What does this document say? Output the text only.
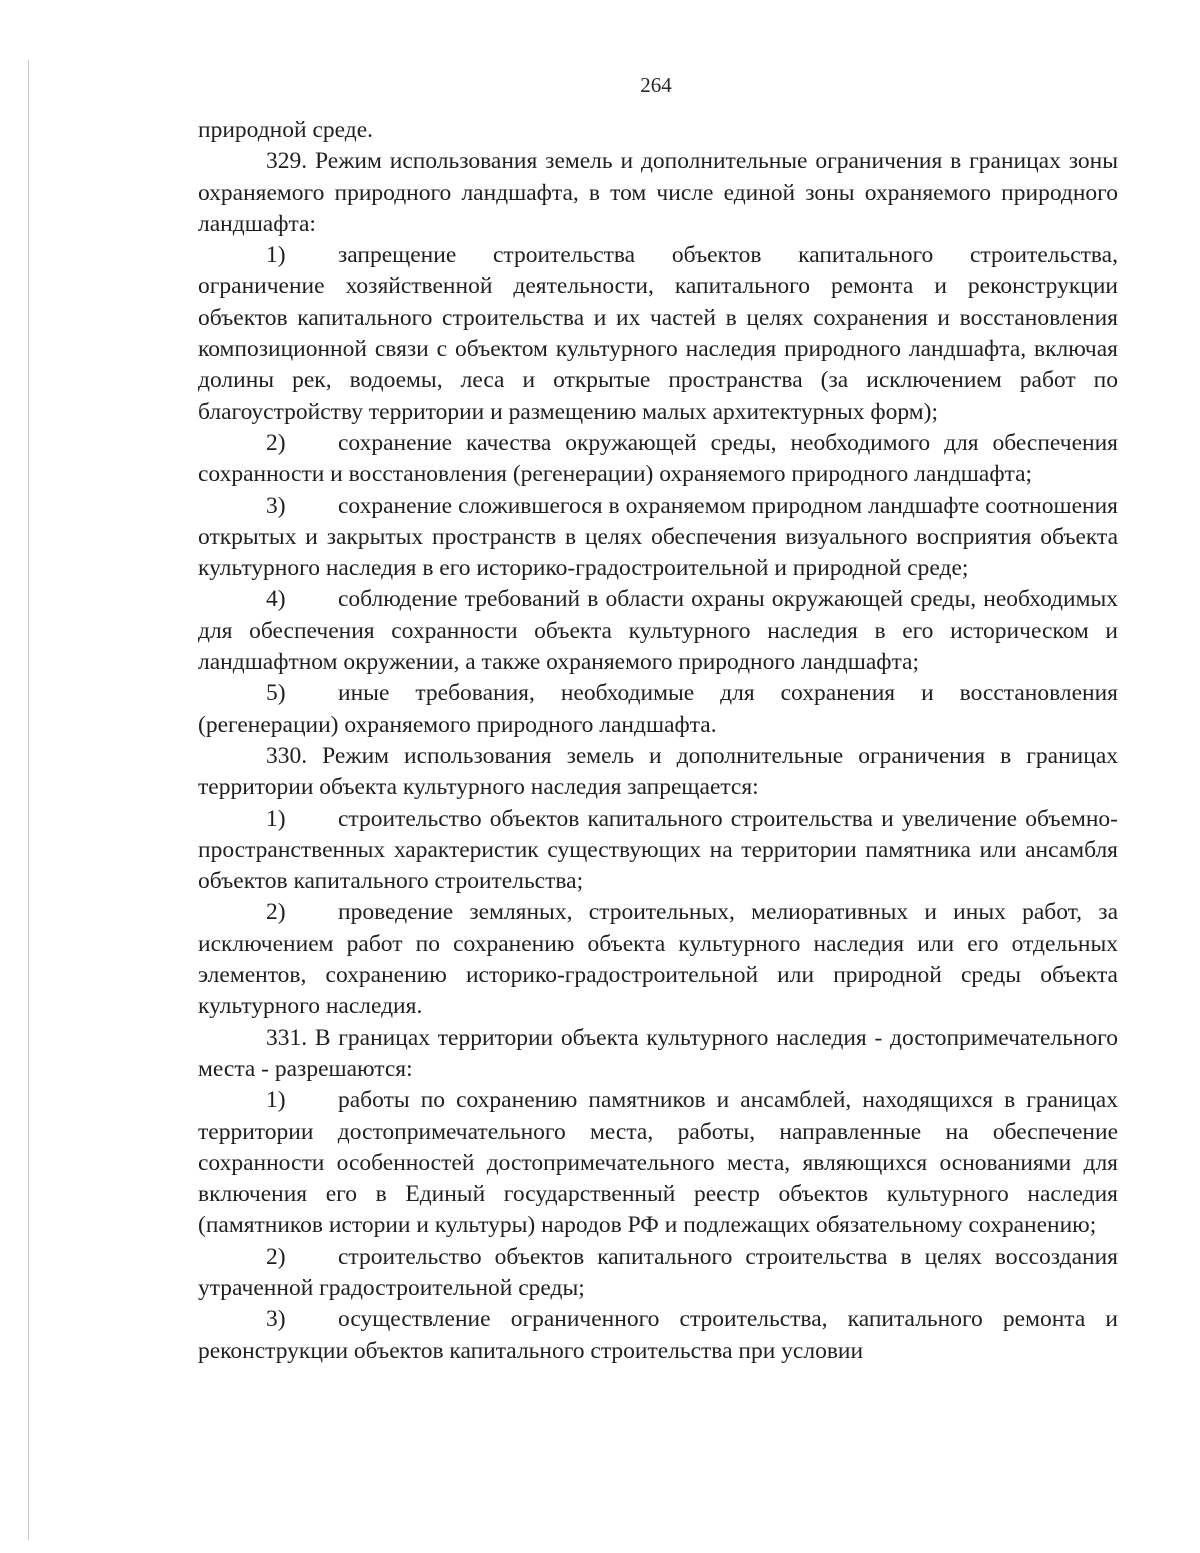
264

природной среде.

329. Режим использования земель и дополнительные ограничения в границах зоны охраняемого природного ландшафта, в том числе единой зоны охраняемого природного ландшафта:

1) запрещение строительства объектов капитального строительства, ограничение хозяйственной деятельности, капитального ремонта и реконструкции объектов капитального строительства и их частей в целях сохранения и восстановления композиционной связи с объектом культурного наследия природного ландшафта, включая долины рек, водоемы, леса и открытые пространства (за исключением работ по благоустройству территории и размещению малых архитектурных форм);

2) сохранение качества окружающей среды, необходимого для обеспечения сохранности и восстановления (регенерации) охраняемого природного ландшафта;

3) сохранение сложившегося в охраняемом природном ландшафте соотношения открытых и закрытых пространств в целях обеспечения визуального восприятия объекта культурного наследия в его историко-градостроительной и природной среде;

4) соблюдение требований в области охраны окружающей среды, необходимых для обеспечения сохранности объекта культурного наследия в его историческом и ландшафтном окружении, а также охраняемого природного ландшафта;

5) иные требования, необходимые для сохранения и восстановления (регенерации) охраняемого природного ландшафта.

330. Режим использования земель и дополнительные ограничения в границах территории объекта культурного наследия запрещается:

1) строительство объектов капитального строительства и увеличение объемно-пространственных характеристик существующих на территории памятника или ансамбля объектов капитального строительства;

2) проведение земляных, строительных, мелиоративных и иных работ, за исключением работ по сохранению объекта культурного наследия или его отдельных элементов, сохранению историко-градостроительной или природной среды объекта культурного наследия.

331. В границах территории объекта культурного наследия - достопримечательного места - разрешаются:

1) работы по сохранению памятников и ансамблей, находящихся в границах территории достопримечательного места, работы, направленные на обеспечение сохранности особенностей достопримечательного места, являющихся основаниями для включения его в Единый государственный реестр объектов культурного наследия (памятников истории и культуры) народов РФ и подлежащих обязательному сохранению;

2) строительство объектов капитального строительства в целях воссоздания утраченной градостроительной среды;

3) осуществление ограниченного строительства, капитального ремонта и реконструкции объектов капитального строительства при условии
